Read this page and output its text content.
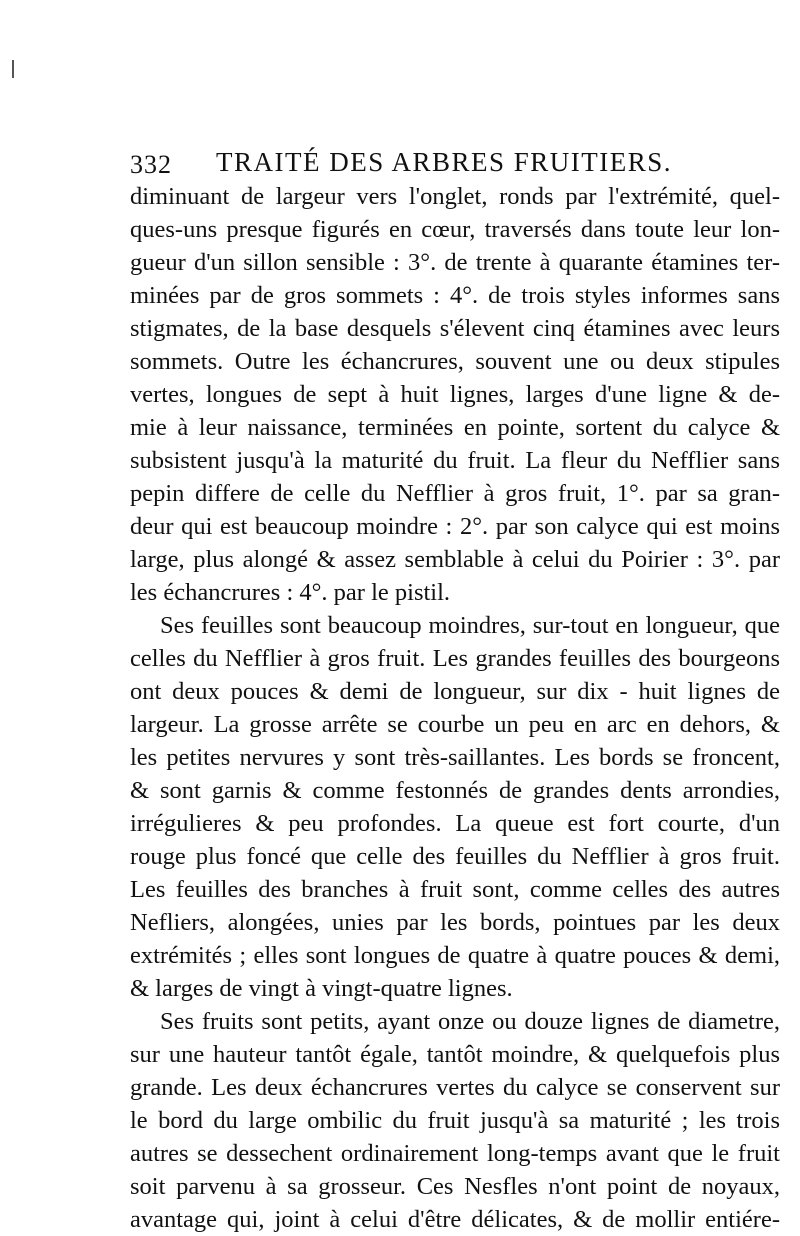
332 TRAITÉ DES ARBRES FRUITIERS.
diminuant de largeur vers l'onglet, ronds par l'extrémité, quel-
ques-uns presque figurés en cœur, traversés dans toute leur lon-
gueur d'un sillon sensible : 3°. de trente à quarante étamines ter-
minées par de gros sommets : 4°. de trois styles informes sans
stigmates, de la base desquels s'élevent cinq étamines avec leurs
sommets. Outre les échancrures, souvent une ou deux stipules
vertes, longues de sept à huit lignes, larges d'une ligne & de-
mie à leur naissance, terminées en pointe, sortent du calyce &
subsistent jusqu'à la maturité du fruit. La fleur du Nefflier sans
pepin differe de celle du Nefflier à gros fruit, 1°. par sa gran-
deur qui est beaucoup moindre : 2°. par son calyce qui est moins
large, plus alongé & assez semblable à celui du Poirier : 3°. par
les échancrures : 4°. par le pistil.
Ses feuilles sont beaucoup moindres, sur-tout en longueur, que
celles du Nefflier à gros fruit. Les grandes feuilles des bourgeons
ont deux pouces & demi de longueur, sur dix - huit lignes de
largeur. La grosse arrête se courbe un peu en arc en dehors, &
les petites nervures y sont très-saillantes. Les bords se froncent,
& sont garnis & comme festonnés de grandes dents arrondies,
irrégulieres & peu profondes. La queue est fort courte, d'un
rouge plus foncé que celle des feuilles du Nefflier à gros fruit.
Les feuilles des branches à fruit sont, comme celles des autres
Nefliers, alongées, unies par les bords, pointues par les deux
extrémités ; elles sont longues de quatre à quatre pouces & demi,
& larges de vingt à vingt-quatre lignes.
Ses fruits sont petits, ayant onze ou douze lignes de diametre,
sur une hauteur tantôt égale, tantôt moindre, & quelquefois plus
grande. Les deux échancrures vertes du calyce se conservent sur
le bord du large ombilic du fruit jusqu'à sa maturité ; les trois
autres se dessechent ordinairement long-temps avant que le fruit
soit parvenu à sa grosseur. Ces Nesfles n'ont point de noyaux,
avantage qui, joint à celui d'être délicates, & de mollir entiére-
